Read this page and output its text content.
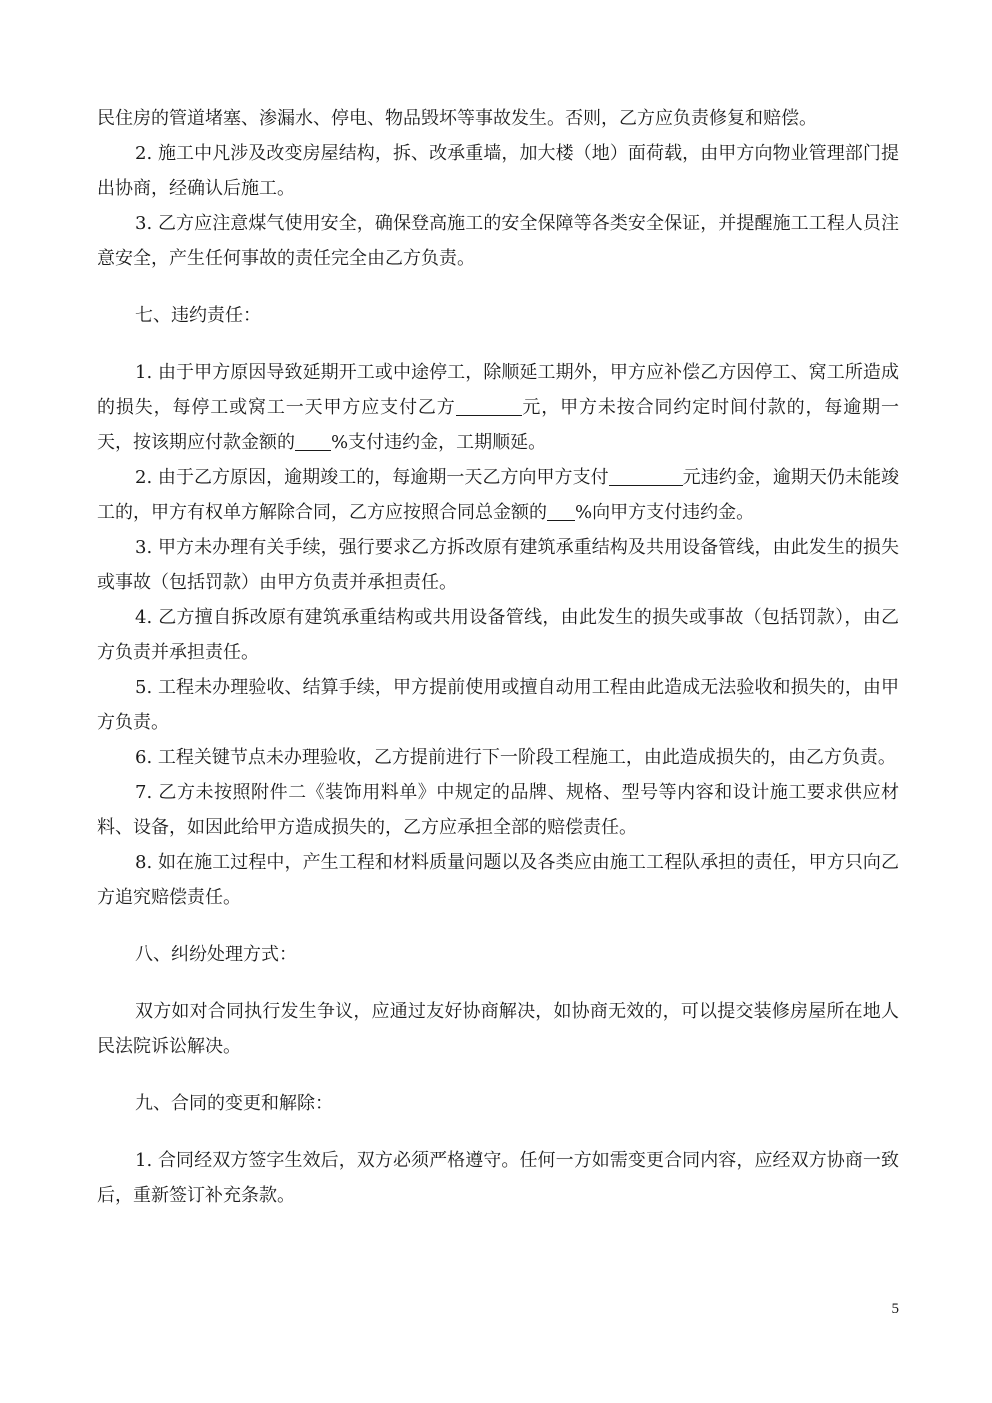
民住房的管道堵塞、渗漏水、停电、物品毁坏等事故发生。否则，乙方应负责修复和赔偿。

2. 施工中凡涉及改变房屋结构，拆、改承重墙，加大楼（地）面荷载，由甲方向物业管理部门提出协商，经确认后施工。

3. 乙方应注意煤气使用安全，确保登高施工的安全保障等各类安全保证，并提醒施工工程人员注意安全，产生任何事故的责任完全由乙方负责。

七、违约责任：

1. 由于甲方原因导致延期开工或中途停工，除顺延工期外，甲方应补偿乙方因停工、窝工所造成的损失，每停工或窝工一天甲方应支付乙方	元，甲方未按合同约定时间付款的，每逾期一天，按该期应付款金额的 %支付违约金，工期顺延。

2. 由于乙方原因，逾期竣工的，每逾期一天乙方向甲方支付	元违约金，逾期天仍未能竣工的，甲方有权单方解除合同，乙方应按照合同总金额的 %向甲方支付违约金。

3. 甲方未办理有关手续，强行要求乙方拆改原有建筑承重结构及共用设备管线，由此发生的损失或事故（包括罚款）由甲方负责并承担责任。

4. 乙方擅自拆改原有建筑承重结构或共用设备管线，由此发生的损失或事故（包括罚款），由乙方负责并承担责任。

5. 工程未办理验收、结算手续，甲方提前使用或擅自动用工程由此造成无法验收和损失的，由甲方负责。

6. 工程关键节点未办理验收，乙方提前进行下一阶段工程施工，由此造成损失的，由乙方负责。

7. 乙方未按照附件二《装饰用料单》中规定的品牌、规格、型号等内容和设计施工要求供应材料、设备，如因此给甲方造成损失的，乙方应承担全部的赔偿责任。

8. 如在施工过程中，产生工程和材料质量问题以及各类应由施工工程队承担的责任，甲方只向乙方追究赔偿责任。

八、纠纷处理方式：

双方如对合同执行发生争议，应通过友好协商解决，如协商无效的，可以提交装修房屋所在地人民法院诉讼解决。

九、合同的变更和解除：

1. 合同经双方签字生效后，双方必须严格遵守。任何一方如需变更合同内容，应经双方协商一致后，重新签订补充条款。

5
